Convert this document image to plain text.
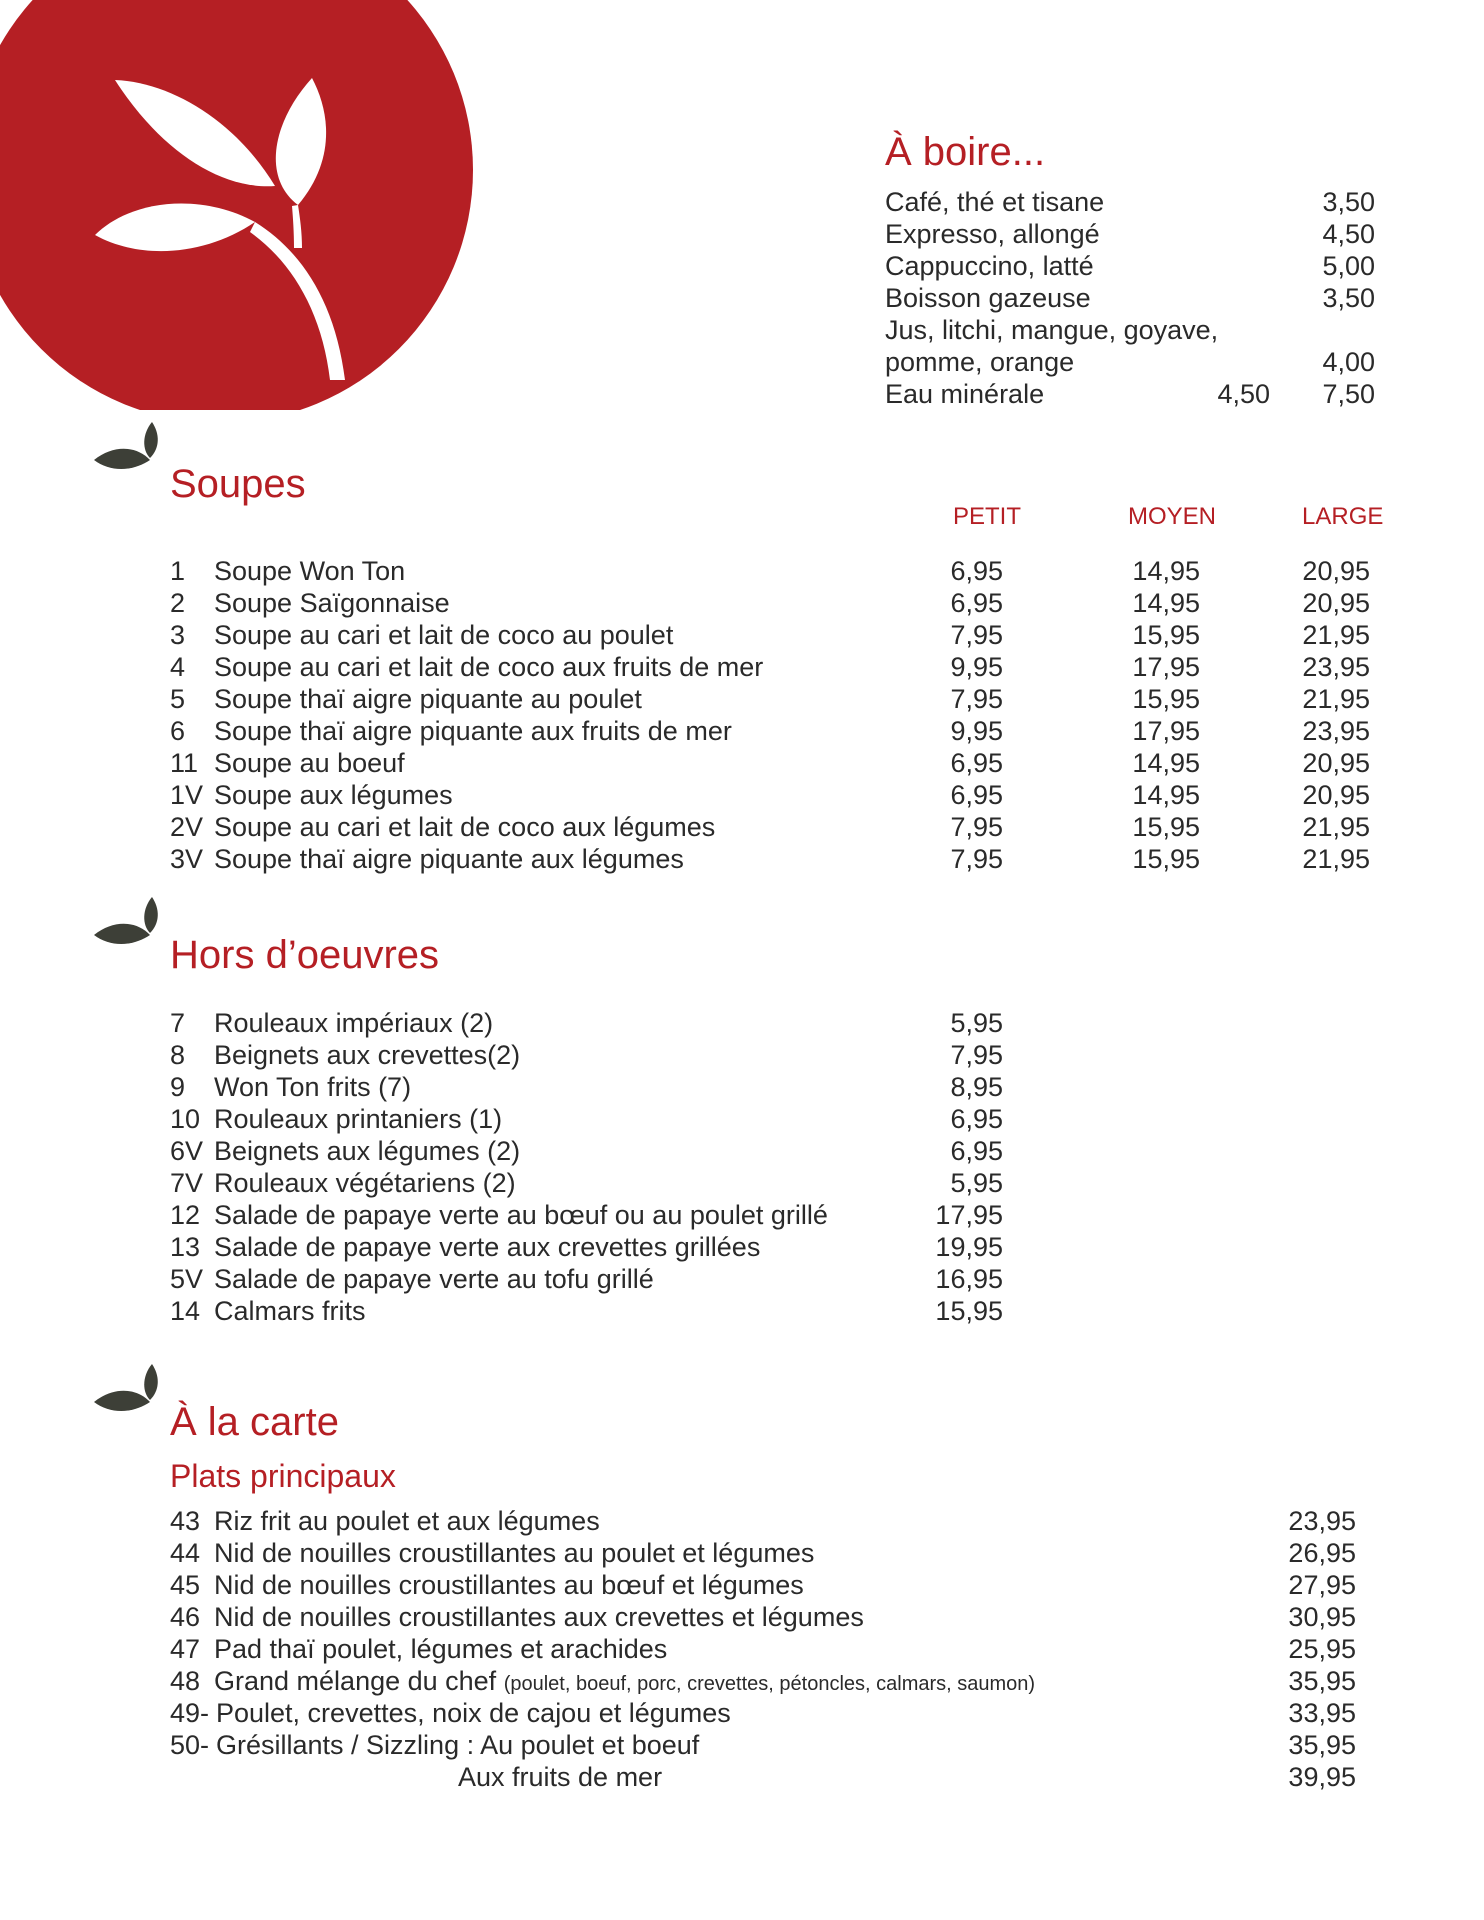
À boire...
Café, thé et tisane	3,50
Expresso, allongé	4,50
Cappuccino, latté	5,00
Boisson gazeuse	3,50
Jus, litchi, mangue, goyave,
pomme, orange	4,00
Eau minérale	4,50 7,50
Soupes
PETIT	MOYEN	LARGE
1 Soupe Won Ton	6,95	14,95	20,95
2 Soupe Saïgonnaise	6,95	14,95	20,95
3 Soupe au cari et lait de coco au poulet	7,95	15,95	21,95
4 Soupe au cari et lait de coco aux fruits de mer	9,95	17,95	23,95
5 Soupe thaï aigre piquante au poulet	7,95	15,95	21,95
6 Soupe thaï aigre piquante aux fruits de mer	9,95	17,95	23,95
11 Soupe au boeuf	6,95	14,95	20,95
1V Soupe aux légumes	6,95	14,95	20,95
2V Soupe au cari et lait de coco aux légumes	7,95	15,95	21,95
3V Soupe thaï aigre piquante aux légumes	7,95	15,95	21,95
Hors d’oeuvres
7 Rouleaux impériaux (2)	5,95
8 Beignets aux crevettes(2)	7,95
9 Won Ton frits (7)	8,95
10 Rouleaux printaniers (1)	6,95
6V Beignets aux légumes (2)	6,95
7V Rouleaux végétariens (2)	5,95
12 Salade de papaye verte au bœuf ou au poulet grillé	17,95
13 Salade de papaye verte aux crevettes grillées	19,95
5V Salade de papaye verte au tofu grillé	16,95
14 Calmars frits	15,95
À la carte
Plats principaux
43 Riz frit au poulet et aux légumes	23,95
44 Nid de nouilles croustillantes au poulet et légumes	26,95
45 Nid de nouilles croustillantes au bœuf et légumes	27,95
46 Nid de nouilles croustillantes aux crevettes et légumes	30,95
47 Pad thaï poulet, légumes et arachides	25,95
48 Grand mélange du chef (poulet, boeuf, porc, crevettes, pétoncles, calmars, saumon)	35,95
49- Poulet, crevettes, noix de cajou et légumes	33,95
50- Grésillants / Sizzling : Au poulet et boeuf	35,95
Aux fruits de mer	39,95
